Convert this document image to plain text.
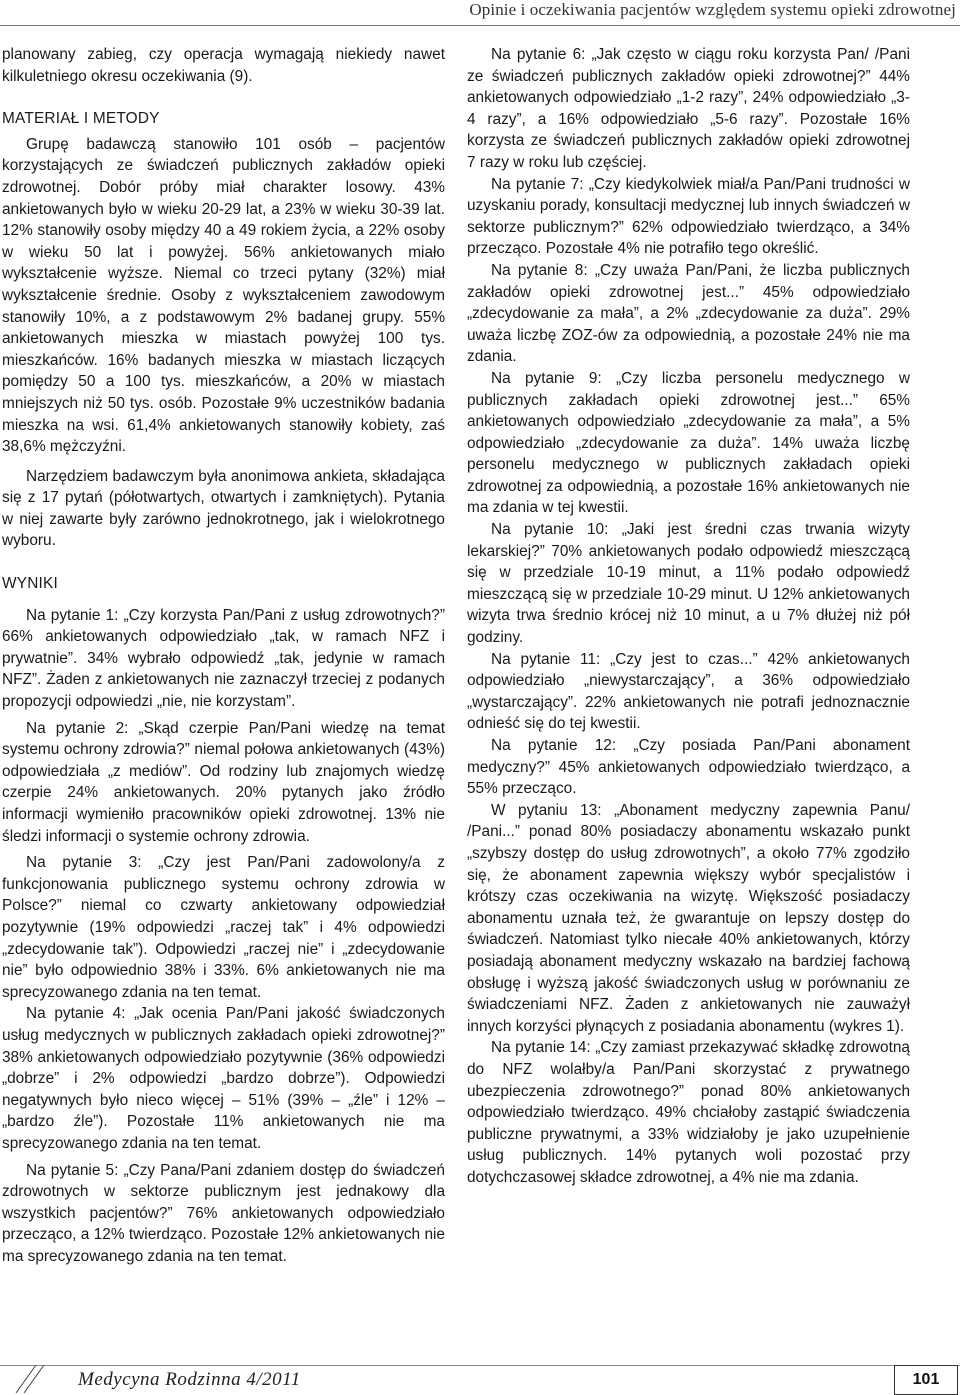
Opinie i oczekiwania pacjentów względem systemu opieki zdrowotnej

planowany zabieg, czy operacja wymagają niekiedy nawet kilkuletniego okresu oczekiwania (9).

MATERIAŁ I METODY

Grupę badawczą stanowiło 101 osób – pacjentów korzystających ze świadczeń publicznych zakładów opieki zdrowotnej. Dobór próby miał charakter losowy. 43% ankietowanych było w wieku 20-29 lat, a 23% w wieku 30-39 lat. 12% stanowiły osoby między 40 a 49 rokiem życia, a 22% osoby w wieku 50 lat i powyżej. 56% ankietowanych miało wykształcenie wyższe. Niemal co trzeci pytany (32%) miał wykształcenie średnie. Osoby z wykształceniem zawodowym stanowiły 10%, a z podstawowym 2% badanej grupy. 55% ankietowanych mieszka w miastach powyżej 100 tys. mieszkańców. 16% badanych mieszka w miastach liczących pomiędzy 50 a 100 tys. mieszkańców, a 20% w miastach mniejszych niż 50 tys. osób. Pozostałe 9% uczestników badania mieszka na wsi. 61,4% ankietowanych stanowiły kobiety, zaś 38,6% mężczyźni.

Narzędziem badawczym była anonimowa ankieta, składająca się z 17 pytań (półotwartych, otwartych i zamkniętych). Pytania w niej zawarte były zarówno jednokrotnego, jak i wielokrotnego wyboru.

WYNIKI

Na pytanie 1: „Czy korzysta Pan/Pani z usług zdrowotnych?” 66% ankietowanych odpowiedziało „tak, w ramach NFZ i prywatnie”. 34% wybrało odpowiedź „tak, jedynie w ramach NFZ”. Żaden z ankietowanych nie zaznaczył trzeciej z podanych propozycji odpowiedzi „nie, nie korzystam”.

Na pytanie 2: „Skąd czerpie Pan/Pani wiedzę na temat systemu ochrony zdrowia?” niemal połowa ankietowanych (43%) odpowiedziała „z mediów”. Od rodziny lub znajomych wiedzę czerpie 24% ankietowanych. 20% pytanych jako źródło informacji wymieniło pracowników opieki zdrowotnej. 13% nie śledzi informacji o systemie ochrony zdrowia.

Na pytanie 3: „Czy jest Pan/Pani zadowolony/a z funkcjonowania publicznego systemu ochrony zdrowia w Polsce?” niemal co czwarty ankietowany odpowiedział pozytywnie (19% odpowiedzi „raczej tak” i 4% odpowiedzi „zdecydowanie tak”). Odpowiedzi „raczej nie” i „zdecydowanie nie” było odpowiednio 38% i 33%. 6% ankietowanych nie ma sprecyzowanego zdania na ten temat.

Na pytanie 4: „Jak ocenia Pan/Pani jakość świadczonych usług medycznych w publicznych zakładach opieki zdrowotnej?” 38% ankietowanych odpowiedziało pozytywnie (36% odpowiedzi „dobrze” i 2% odpowiedzi „bardzo dobrze”). Odpowiedzi negatywnych było nieco więcej – 51% (39% – „źle” i 12% – „bardzo źle”). Pozostałe 11% ankietowanych nie ma sprecyzowanego zdania na ten temat.

Na pytanie 5: „Czy Pana/Pani zdaniem dostęp do świadczeń zdrowotnych w sektorze publicznym jest jednakowy dla wszystkich pacjentów?” 76% ankietowanych odpowiedziało przecząco, a 12% twierdząco. Pozostałe 12% ankietowanych nie ma sprecyzowanego zdania na ten temat.

Na pytanie 6: „Jak często w ciągu roku korzysta Pan/ /Pani ze świadczeń publicznych zakładów opieki zdrowotnej?” 44% ankietowanych odpowiedziało „1-2 razy”, 24% odpowiedziało „3-4 razy”, a 16% odpowiedziało „5-6 razy”. Pozostałe 16% korzysta ze świadczeń publicznych zakładów opieki zdrowotnej 7 razy w roku lub częściej.

Na pytanie 7: „Czy kiedykolwiek miał/a Pan/Pani trudności w uzyskaniu porady, konsultacji medycznej lub innych świadczeń w sektorze publicznym?” 62% odpowiedziało twierdząco, a 34% przecząco. Pozostałe 4% nie potrafiło tego określić.

Na pytanie 8: „Czy uważa Pan/Pani, że liczba publicznych zakładów opieki zdrowotnej jest...” 45% odpowiedziało „zdecydowanie za mała”, a 2% „zdecydowanie za duża”. 29% uważa liczbę ZOZ-ów za odpowiednią, a pozostałe 24% nie ma zdania.

Na pytanie 9: „Czy liczba personelu medycznego w publicznych zakładach opieki zdrowotnej jest...” 65% ankietowanych odpowiedziało „zdecydowanie za mała”, a 5% odpowiedziało „zdecydowanie za duża”. 14% uważa liczbę personelu medycznego w publicznych zakładach opieki zdrowotnej za odpowiednią, a pozostałe 16% ankietowanych nie ma zdania w tej kwestii.

Na pytanie 10: „Jaki jest średni czas trwania wizyty lekarskiej?” 70% ankietowanych podało odpowiedź mieszczącą się w przedziale 10-19 minut, a 11% podało odpowiedź mieszczącą się w przedziale 10-29 minut. U 12% ankietowanych wizyta trwa średnio krócej niż 10 minut, a u 7% dłużej niż pół godziny.

Na pytanie 11: „Czy jest to czas...” 42% ankietowanych odpowiedziało „niewystarczający”, a 36% odpowiedziało „wystarczający”. 22% ankietowanych nie potrafi jednoznacznie odnieść się do tej kwestii.

Na pytanie 12: „Czy posiada Pan/Pani abonament medyczny?” 45% ankietowanych odpowiedziało twierdząco, a 55% przecząco.

W pytaniu 13: „Abonament medyczny zapewnia Panu/ /Pani...” ponad 80% posiadaczy abonamentu wskazało punkt „szybszy dostęp do usług zdrowotnych”, a około 77% zgodziło się, że abonament zapewnia większy wybór specjalistów i krótszy czas oczekiwania na wizytę. Większość posiadaczy abonamentu uznała też, że gwarantuje on lepszy dostęp do świadczeń. Natomiast tylko niecałe 40% ankietowanych, którzy posiadają abonament medyczny wskazało na bardziej fachową obsługę i wyższą jakość świadczonych usług w porównaniu ze świadczeniami NFZ. Żaden z ankietowanych nie zauważył innych korzyści płynących z posiadania abonamentu (wykres 1).

Na pytanie 14: „Czy zamiast przekazywać składkę zdrowotną do NFZ wolałby/a Pan/Pani skorzystać z prywatnego ubezpieczenia zdrowotnego?” ponad 80% ankietowanych odpowiedziało twierdząco. 49% chciałoby zastąpić świadczenia publiczne prywatnymi, a 33% widziałoby je jako uzupełnienie usług publicznych. 14% pytanych woli pozostać przy dotychczasowej składce zdrowotnej, a 4% nie ma zdania.

Medycyna Rodzinna 4/2011	101
